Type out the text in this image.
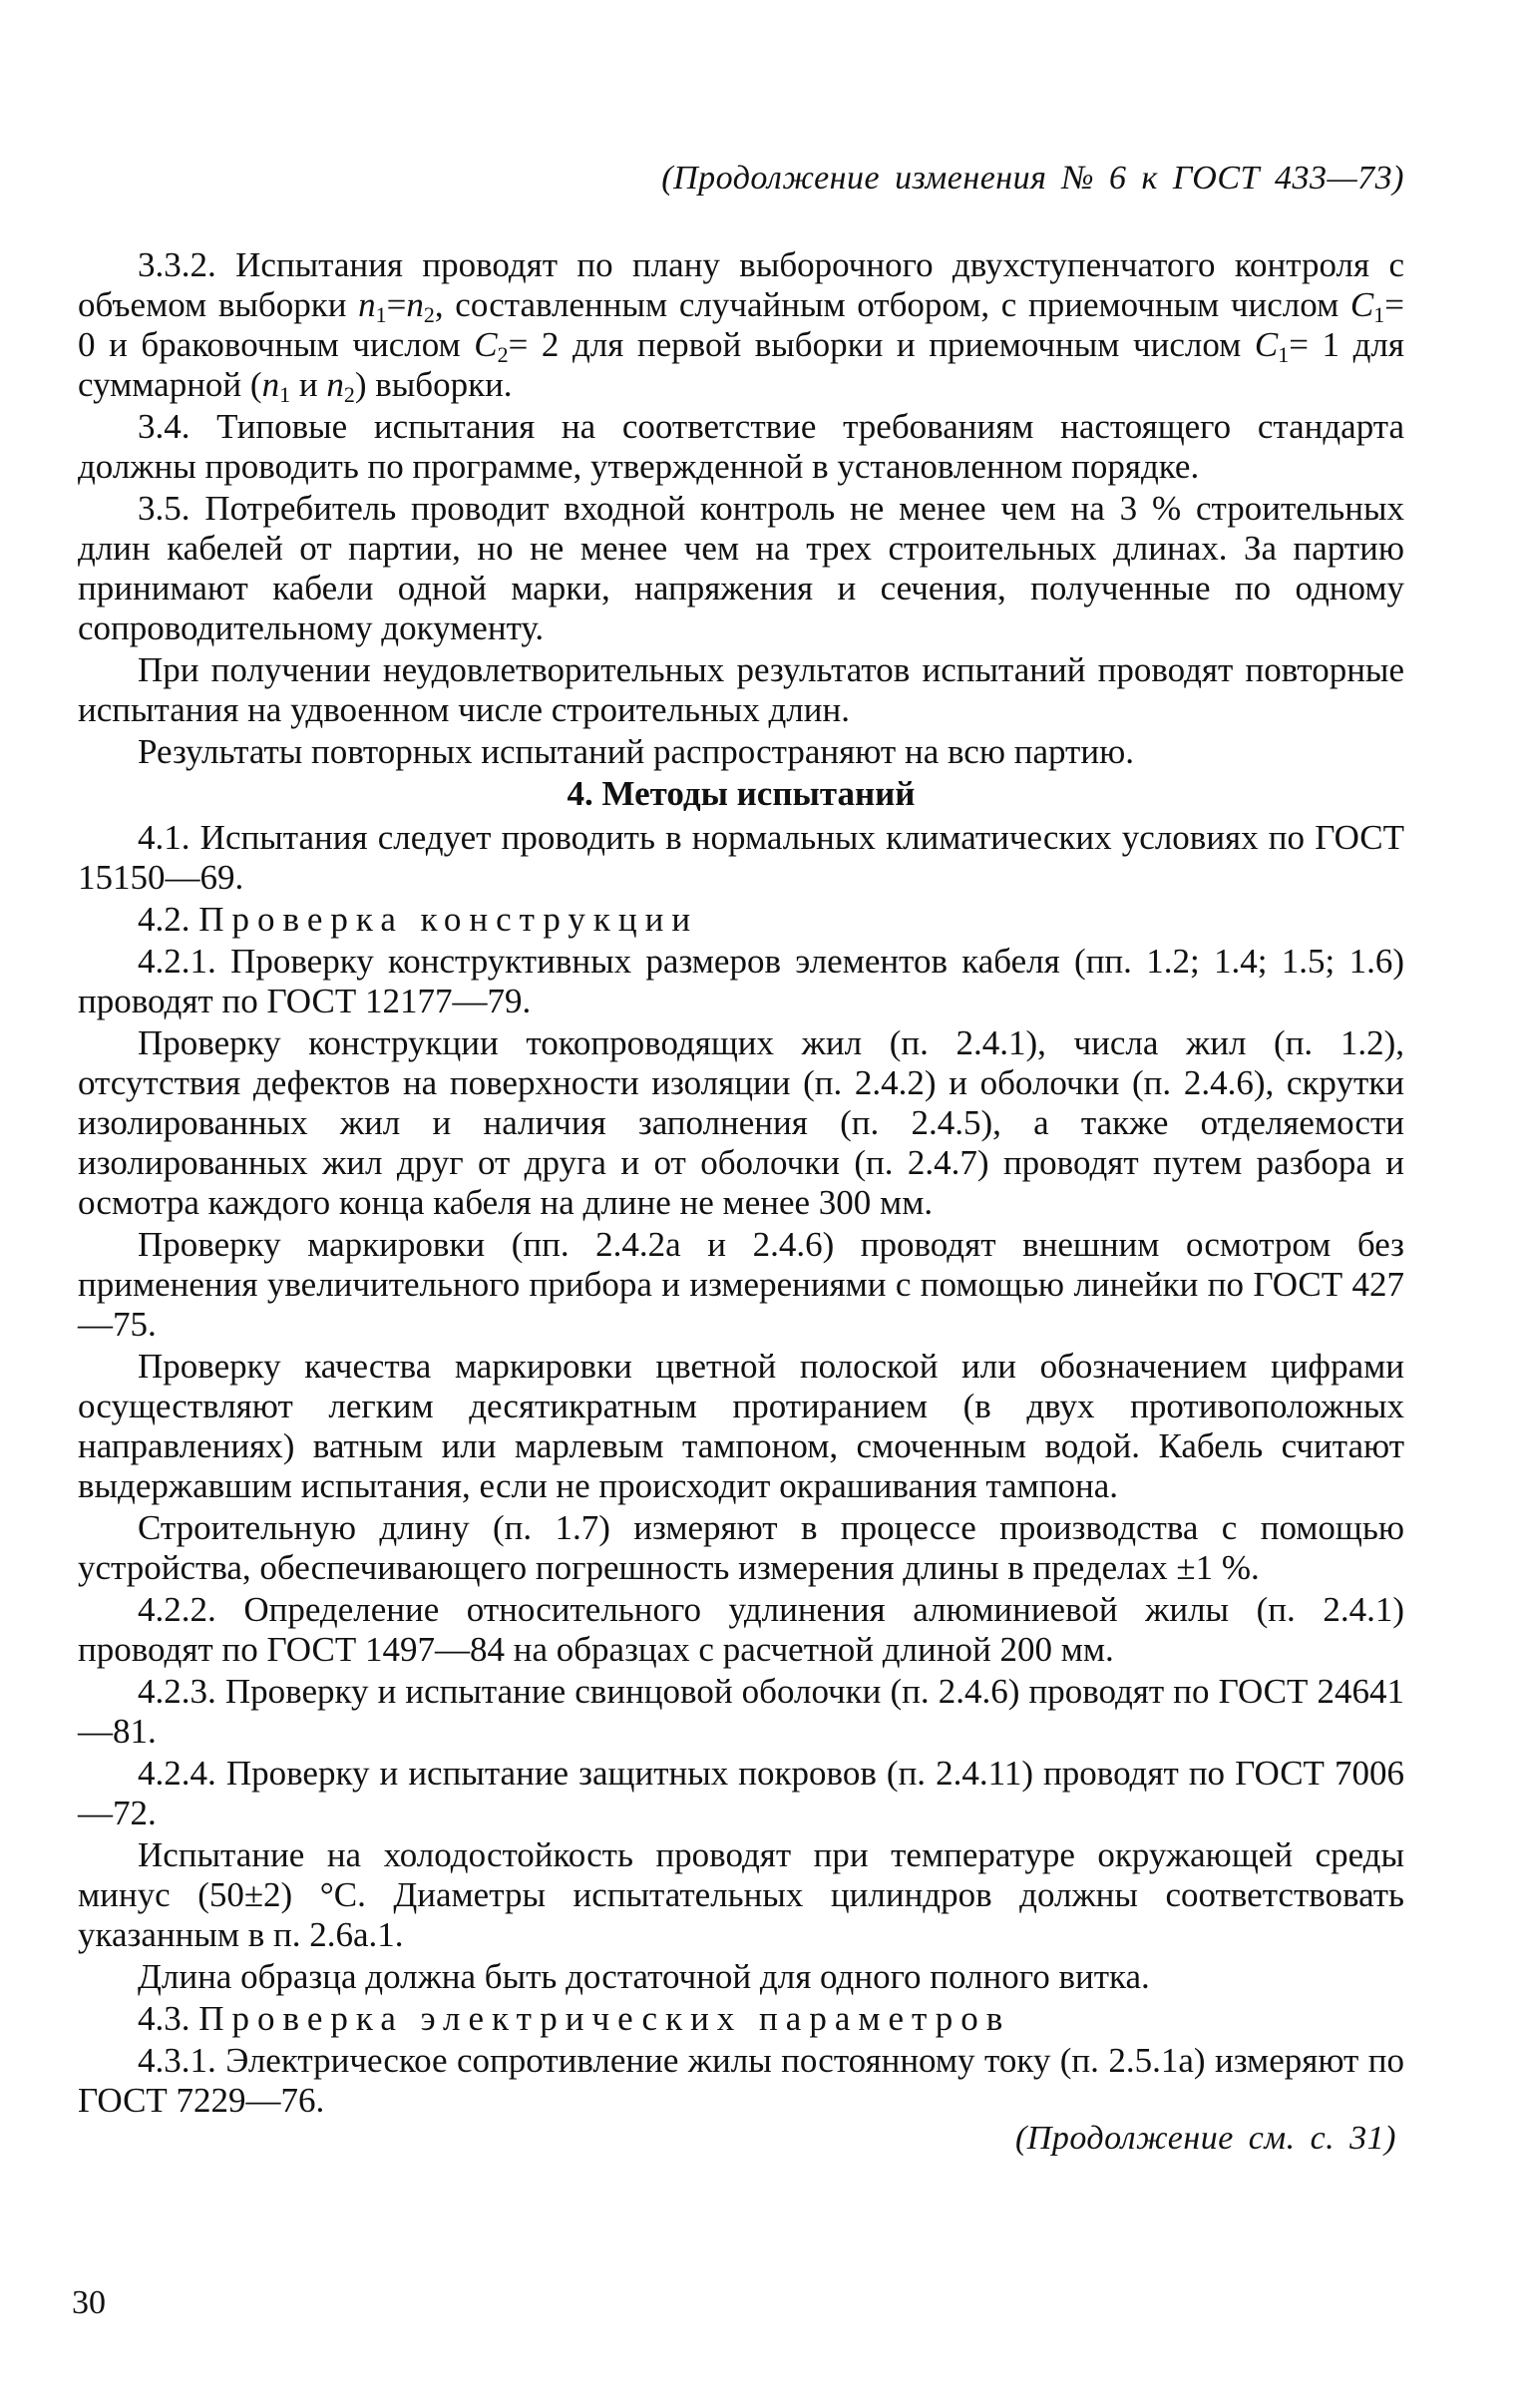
(Продолжение изменения № 6 к ГОСТ 433—73)

3.3.2. Испытания проводят по плану выборочного двухступенчатого контроля с объемом выборки $n_1=n_2$, составленным случайным отбором, с приемочным числом $C_1= 0$ и браковочным числом $C_2= 2$ для первой выборки и приемочным числом $C_1= 1$ для суммарной ($n_1$ и $n_2$) выборки.

3.4. Типовые испытания на соответствие требованиям настоящего стандарта должны проводить по программе, утвержденной в установленном порядке.

3.5. Потребитель проводит входной контроль не менее чем на 3 % строительных длин кабелей от партии, но не менее чем на трех строительных длинах. За партию принимают кабели одной марки, напряжения и сечения, полученные по одному сопроводительному документу.

При получении неудовлетворительных результатов испытаний проводят повторные испытания на удвоенном числе строительных длин.

Результаты повторных испытаний распространяют на всю партию.

4. Методы испытаний

4.1. Испытания следует проводить в нормальных климатических условиях по ГОСТ 15150—69.

4.2. Проверка конструкции

4.2.1. Проверку конструктивных размеров элементов кабеля (пп. 1.2; 1.4; 1.5; 1.6) проводят по ГОСТ 12177—79.

Проверку конструкции токопроводящих жил (п. 2.4.1), числа жил (п. 1.2), отсутствия дефектов на поверхности изоляции (п. 2.4.2) и оболочки (п. 2.4.6), скрутки изолированных жил и наличия заполнения (п. 2.4.5), а также отделяемости изолированных жил друг от друга и от оболочки (п. 2.4.7) проводят путем разбора и осмотра каждого конца кабеля на длине не менее 300 мм.

Проверку маркировки (пп. 2.4.2а и 2.4.6) проводят внешним осмотром без применения увеличительного прибора и измерениями с помощью линейки по ГОСТ 427—75.

Проверку качества маркировки цветной полоской или обозначением цифрами осуществляют легким десятикратным протиранием (в двух противоположных направлениях) ватным или марлевым тампоном, смоченным водой. Кабель считают выдержавшим испытания, если не происходит окрашивания тампона.

Строительную длину (п. 1.7) измеряют в процессе производства с помощью устройства, обеспечивающего погрешность измерения длины в пределах ±1 %.

4.2.2. Определение относительного удлинения алюминиевой жилы (п. 2.4.1) проводят по ГОСТ 1497—84 на образцах с расчетной длиной 200 мм.

4.2.3. Проверку и испытание свинцовой оболочки (п. 2.4.6) проводят по ГОСТ 24641—81.

4.2.4. Проверку и испытание защитных покровов (п. 2.4.11) проводят по ГОСТ 7006—72.

Испытание на холодостойкость проводят при температуре окружающей среды минус (50±2) °С. Диаметры испытательных цилиндров должны соответствовать указанным в п. 2.6а.1.

Длина образца должна быть достаточной для одного полного витка.

4.3. Проверка электрических параметров

4.3.1. Электрическое сопротивление жилы постоянному току (п. 2.5.1а) измеряют по ГОСТ 7229—76.

(Продолжение см. с. 31)
30
